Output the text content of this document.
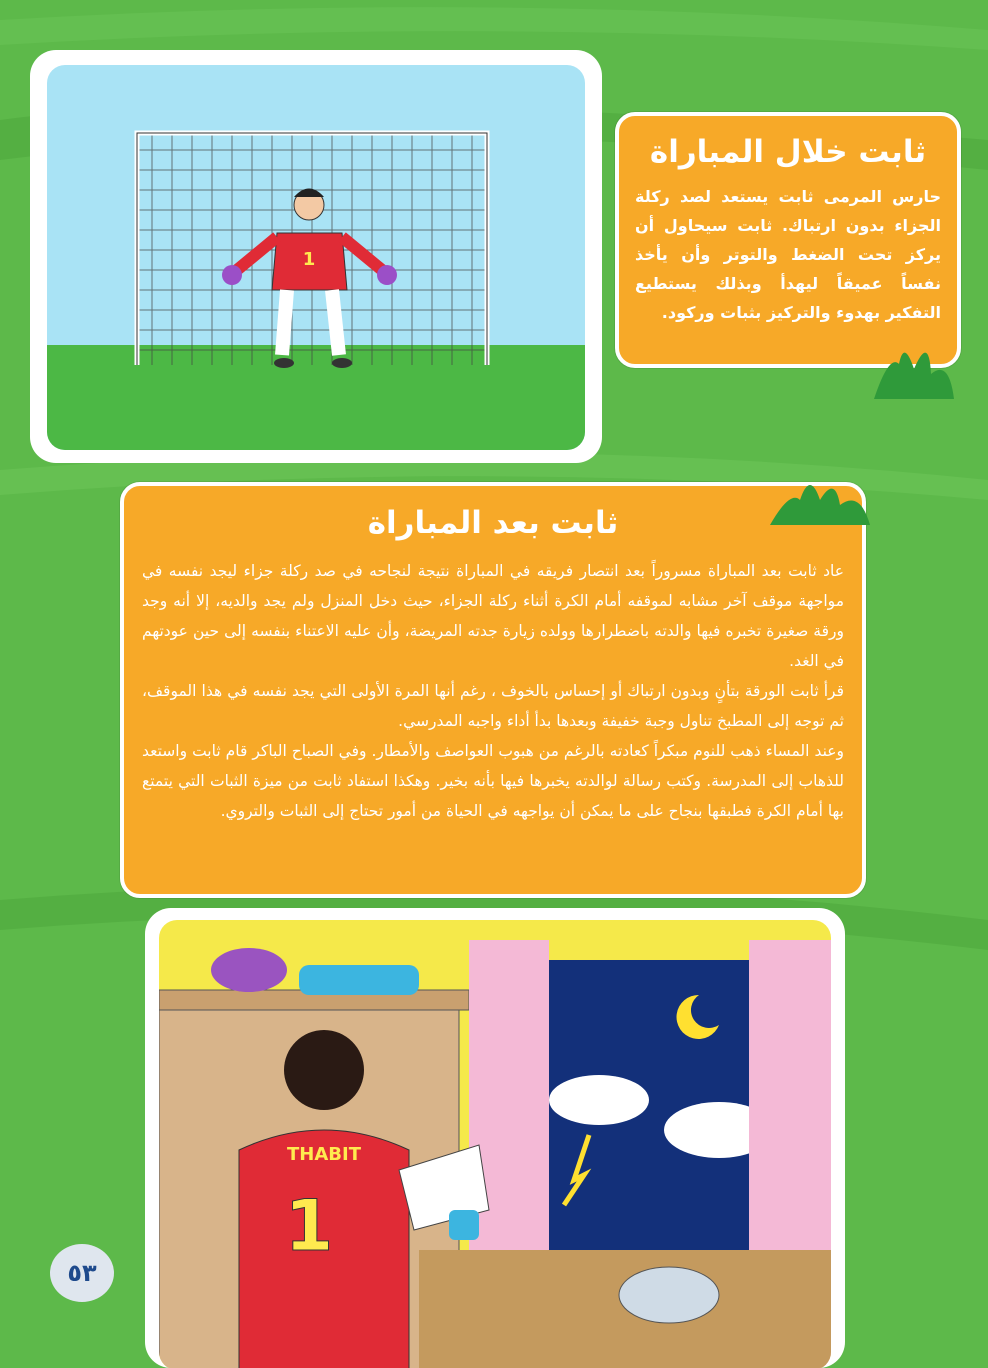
1
ثابت خلال المباراة
حارس المرمى ثابت يستعد لصد ركلة الجزاء بدون ارتباك. ثابت سيحاول أن يركز تحت الضغط والتوتر وأن يأخذ نفساً عميقاً ليهدأ وبذلك يستطيع التفكير بهدوء والتركيز بثبات وركود.
ثابت بعد المباراة

عاد ثابت بعد المباراة مسروراً بعد انتصار فريقه في المباراة نتيجة لنجاحه في صد ركلة جزاء ليجد نفسه في مواجهة موقف آخر مشابه لموقفه أمام الكرة أثناء ركلة الجزاء، حيث دخل المنزل ولم يجد والديه، إلا أنه وجد ورقة صغيرة تخبره فيها والدته باضطرارها وولده زيارة جدته المريضة، وأن عليه الاعتناء بنفسه إلى حين عودتهم في الغد.

قرأ ثابت الورقة بتأنٍ وبدون ارتباك أو إحساس بالخوف ، رغم أنها المرة الأولى التي يجد نفسه في هذا الموقف، ثم توجه إلى المطبخ تناول وجبة خفيفة وبعدها بدأ أداء واجبه المدرسي.

وعند المساء ذهب للنوم مبكراً كعادته بالرغم من هبوب العواصف والأمطار. وفي الصباح الباكر قام ثابت واستعد للذهاب إلى المدرسة. وكتب رسالة لوالدته يخبرها فيها بأنه بخير. وهكذا استفاد ثابت من ميزة الثبات التي يتمتع بها أمام الكرة فطبقها بنجاح على ما يمكن أن يواجهه في الحياة من أمور تحتاج إلى الثبات والتروي.

THABIT
1
٥٣
